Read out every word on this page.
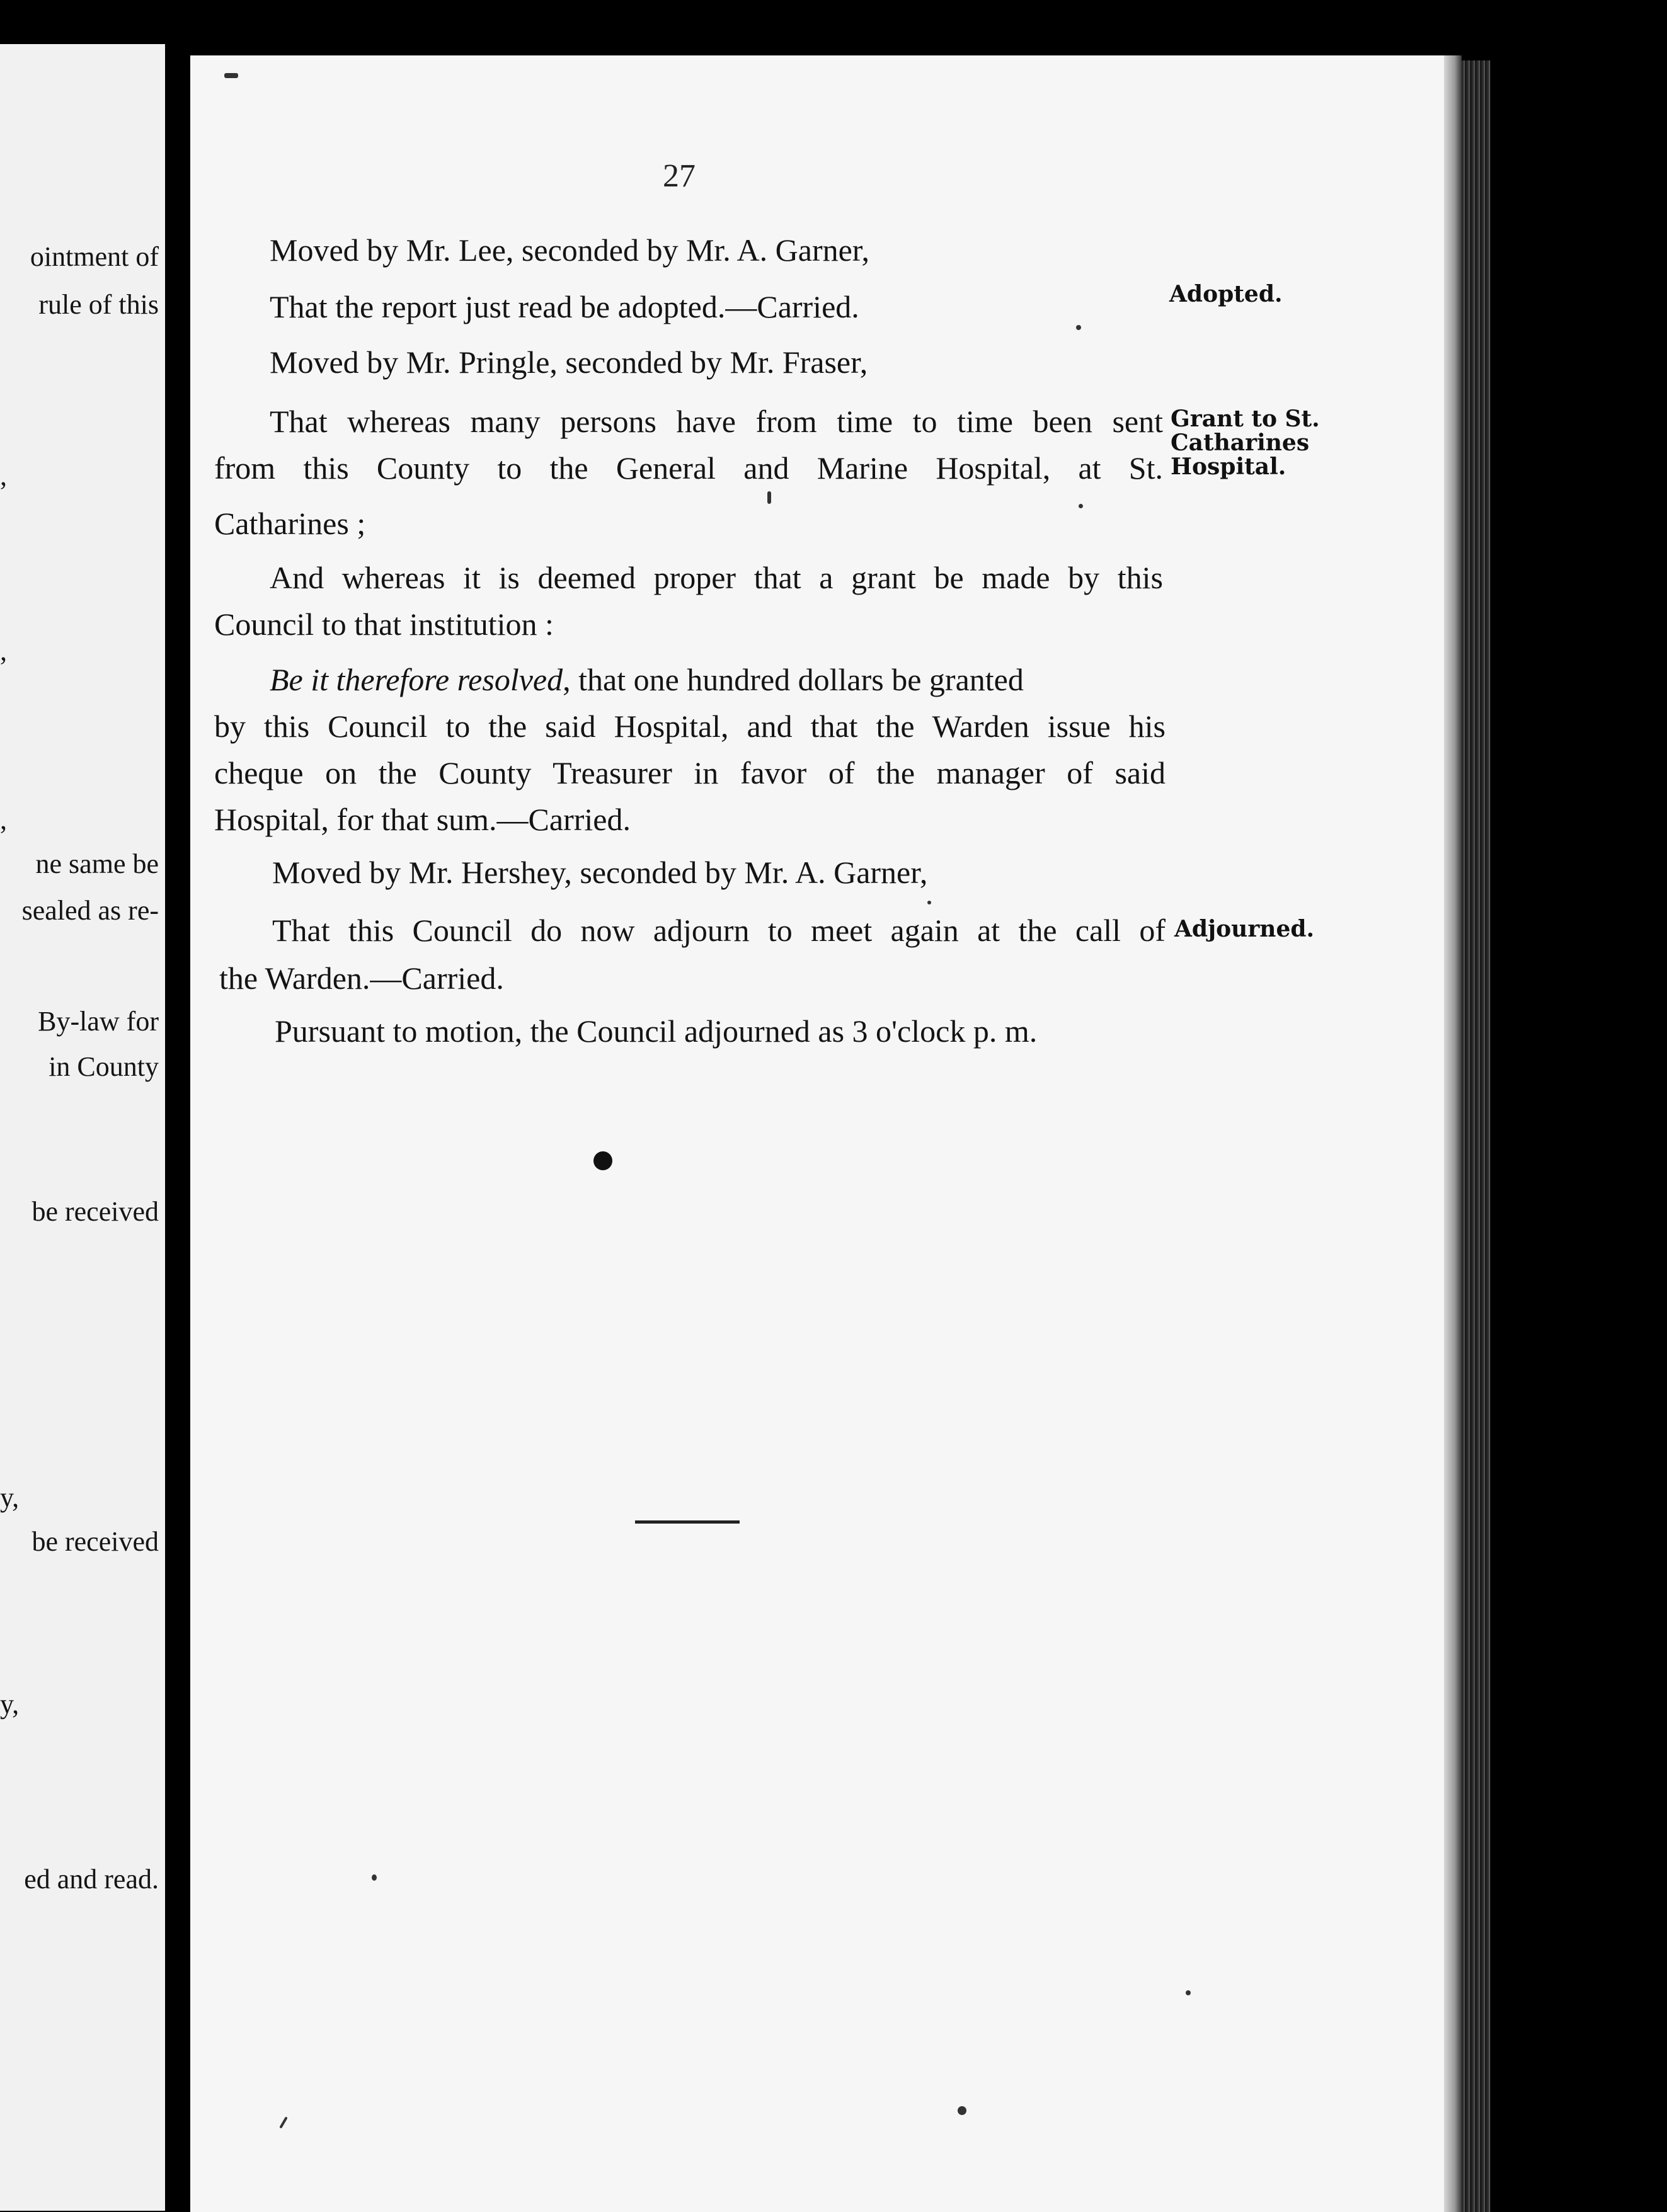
ointment of
rule of this
,
,
,
ne same be
sealed as re-
By-law for
in County
be received
y,
be received
y,
ed and read.
27
Moved by Mr. Lee, seconded by Mr. A. Garner,
That the report just read be adopted.—Carried.
Moved by Mr. Pringle, seconded by Mr. Fraser,
That whereas many persons have from time to time been sent
from this County to the General and Marine Hospital, at St.
Catharines ;
And whereas it is deemed proper that a grant be made by this
Council to that institution :
Be it therefore resolved, that one hundred dollars be granted
by this Council to the said Hospital, and that the Warden issue his
cheque on the County Treasurer in favor of the manager of said
Hospital, for that sum.—Carried.
Moved by Mr. Hershey, seconded by Mr. A. Garner,
That this Council do now adjourn to meet again at the call of
the Warden.—Carried.
Pursuant to motion, the Council adjourned as 3 o'clock p. m.
Adopted.
Grant to St.
Catharines
Hospital.
Adjourned.
